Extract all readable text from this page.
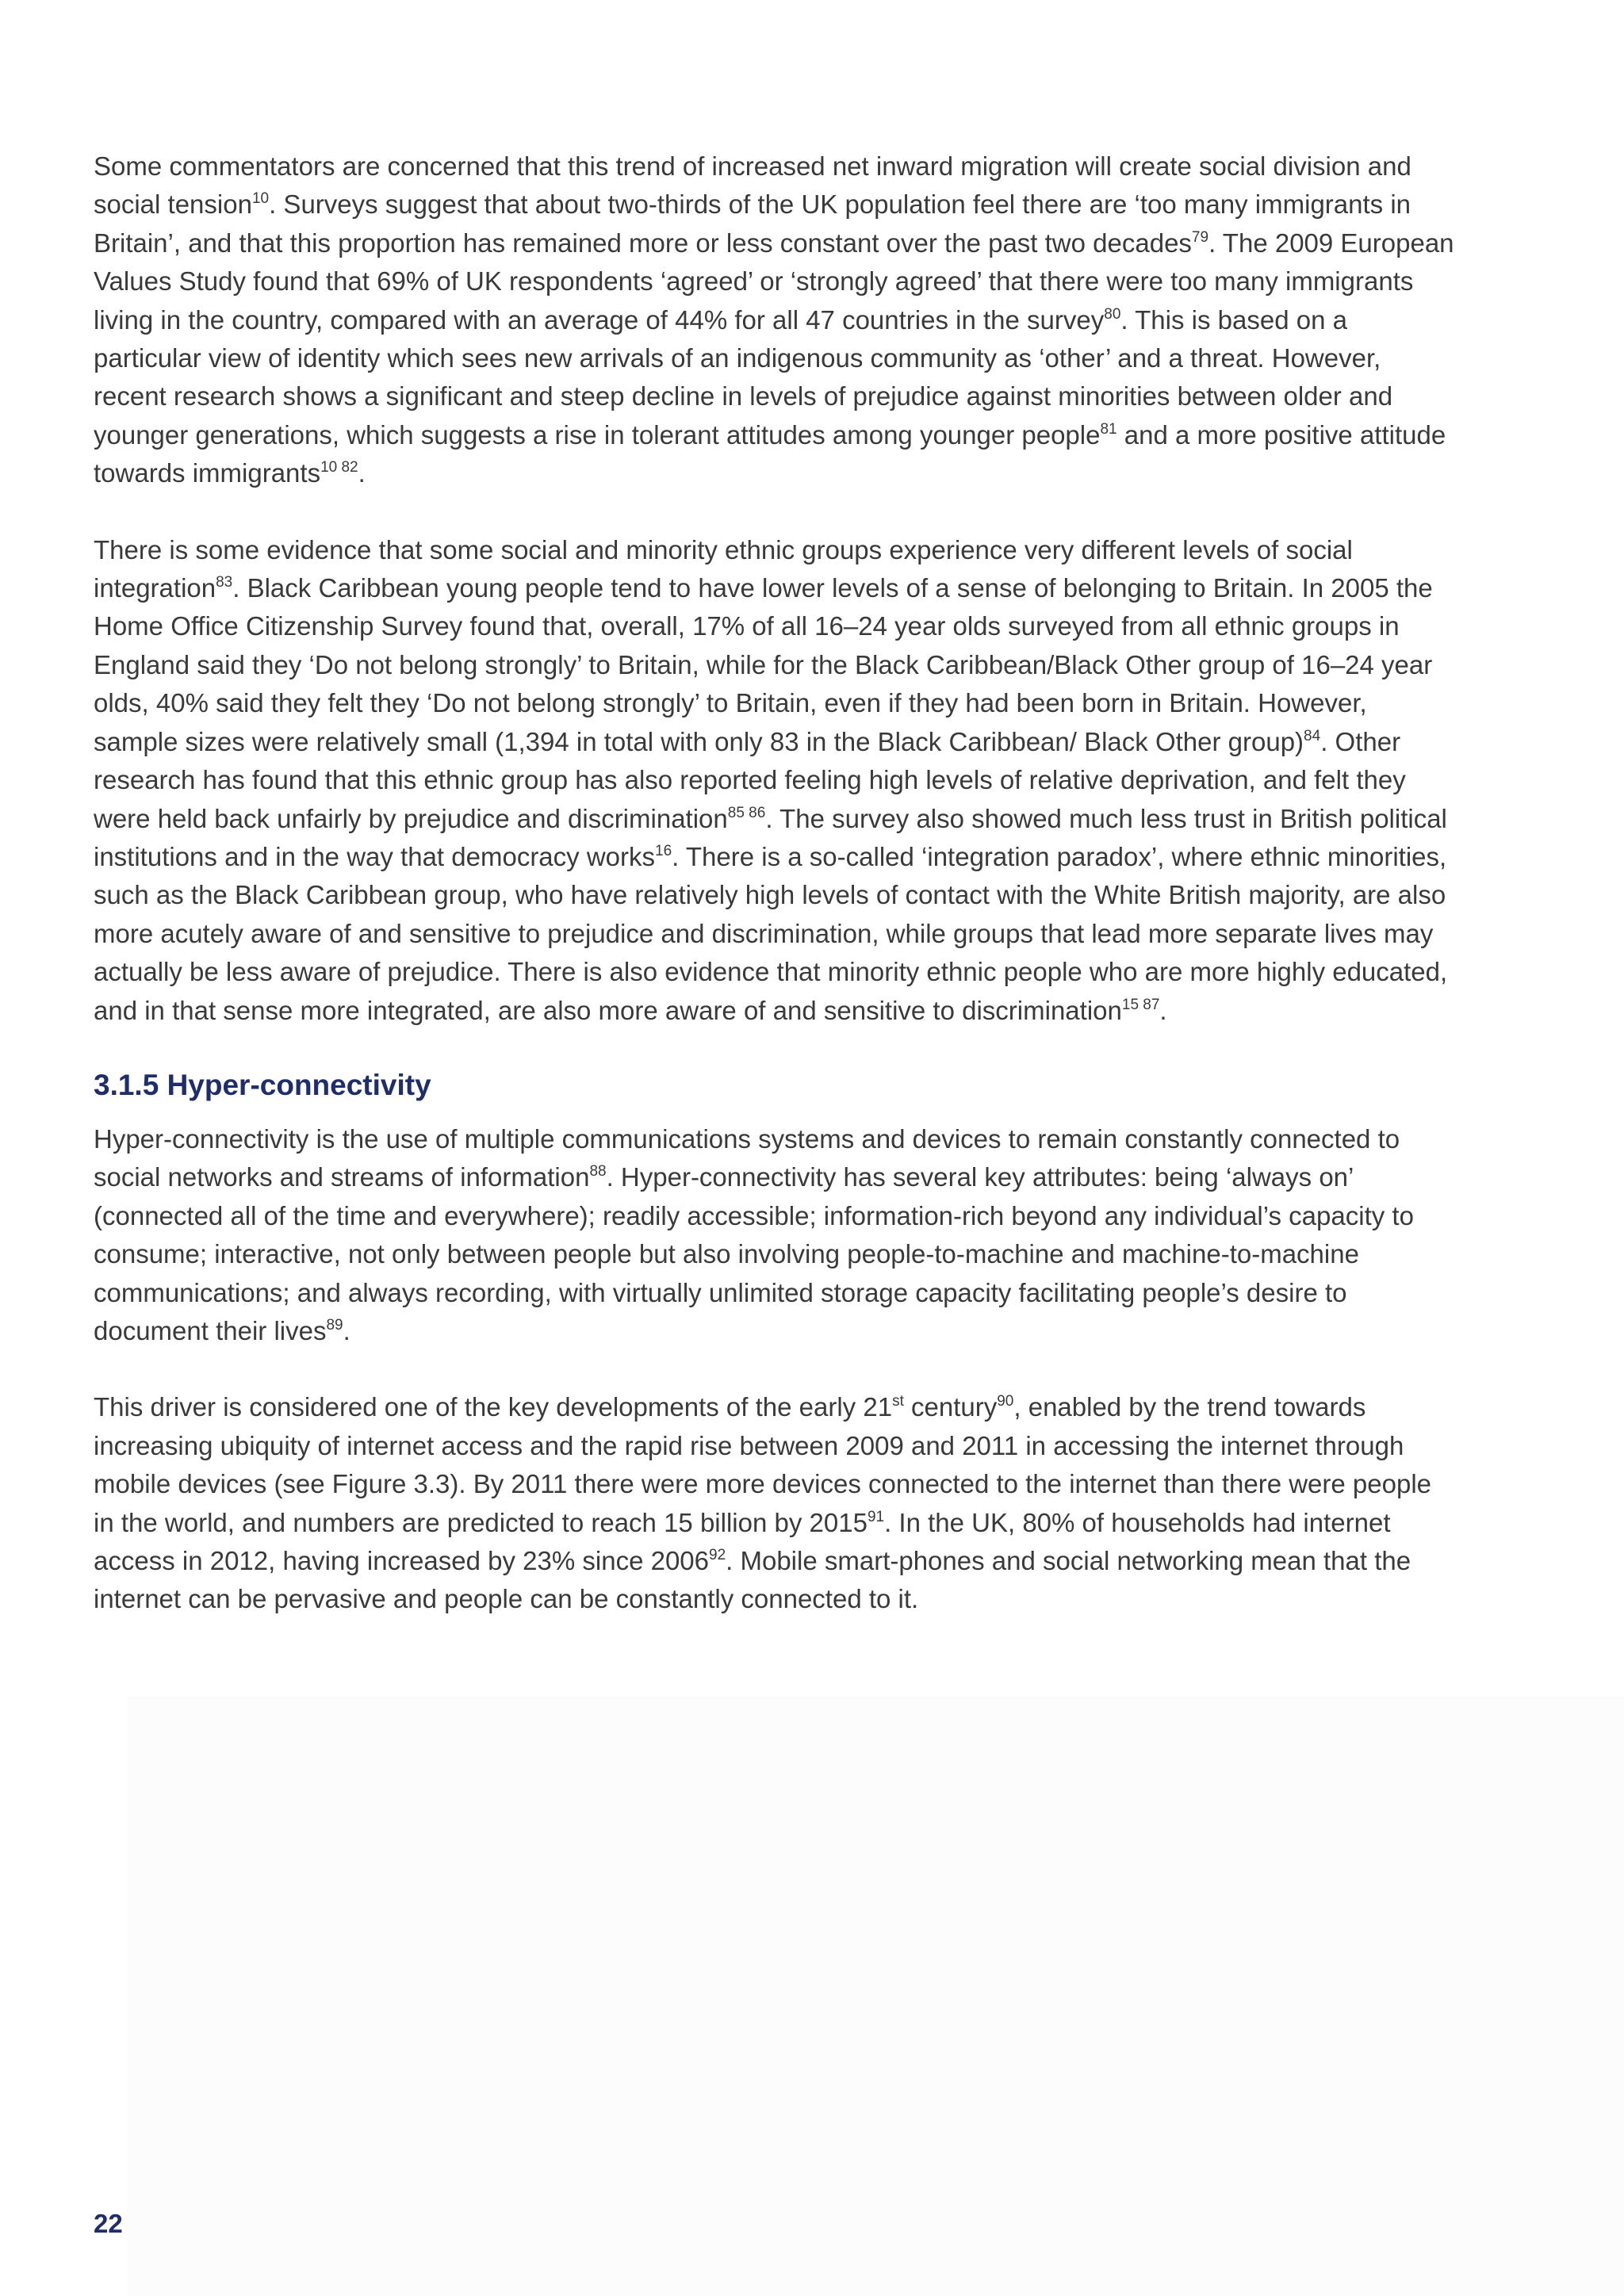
Some commentators are concerned that this trend of increased net inward migration will create social division and social tension$^{10}$. Surveys suggest that about two-thirds of the UK population feel there are ‘too many immigrants in Britain’, and that this proportion has remained more or less constant over the past two decades$^{79}$. The 2009 European Values Study found that 69% of UK respondents ‘agreed’ or ‘strongly agreed’ that there were too many immigrants living in the country, compared with an average of 44% for all 47 countries in the survey$^{80}$. This is based on a particular view of identity which sees new arrivals of an indigenous community as ‘other’ and a threat. However, recent research shows a significant and steep decline in levels of prejudice against minorities between older and younger generations, which suggests a rise in tolerant attitudes among younger people$^{81}$ and a more positive attitude towards immigrants$^{10 82}$.

There is some evidence that some social and minority ethnic groups experience very different levels of social integration$^{83}$. Black Caribbean young people tend to have lower levels of a sense of belonging to Britain. In 2005 the Home Office Citizenship Survey found that, overall, 17% of all 16–24 year olds surveyed from all ethnic groups in England said they ‘Do not belong strongly’ to Britain, while for the Black Caribbean/Black Other group of 16–24 year olds, 40% said they felt they ‘Do not belong strongly’ to Britain, even if they had been born in Britain. However, sample sizes were relatively small (1,394 in total with only 83 in the Black Caribbean/ Black Other group)$^{84}$. Other research has found that this ethnic group has also reported feeling high levels of relative deprivation, and felt they were held back unfairly by prejudice and discrimination$^{85 86}$. The survey also showed much less trust in British political institutions and in the way that democracy works$^{16}$. There is a so-called ‘integration paradox’, where ethnic minorities, such as the Black Caribbean group, who have relatively high levels of contact with the White British majority, are also more acutely aware of and sensitive to prejudice and discrimination, while groups that lead more separate lives may actually be less aware of prejudice. There is also evidence that minority ethnic people who are more highly educated, and in that sense more integrated, are also more aware of and sensitive to discrimination$^{15 87}$.

3.1.5 Hyper-connectivity

Hyper-connectivity is the use of multiple communications systems and devices to remain constantly connected to social networks and streams of information$^{88}$. Hyper-connectivity has several key attributes: being ‘always on’ (connected all of the time and everywhere); readily accessible; information-rich beyond any individual’s capacity to consume; interactive, not only between people but also involving people-to-machine and machine-to-machine communications; and always recording, with virtually unlimited storage capacity facilitating people’s desire to document their lives$^{89}$.

This driver is considered one of the key developments of the early 21st century$^{90}$, enabled by the trend towards increasing ubiquity of internet access and the rapid rise between 2009 and 2011 in accessing the internet through mobile devices (see Figure 3.3). By 2011 there were more devices connected to the internet than there were people in the world, and numbers are predicted to reach 15 billion by 2015$^{91}$. In the UK, 80% of households had internet access in 2012, having increased by 23% since 2006$^{92}$. Mobile smart-phones and social networking mean that the internet can be pervasive and people can be constantly connected to it.

22
